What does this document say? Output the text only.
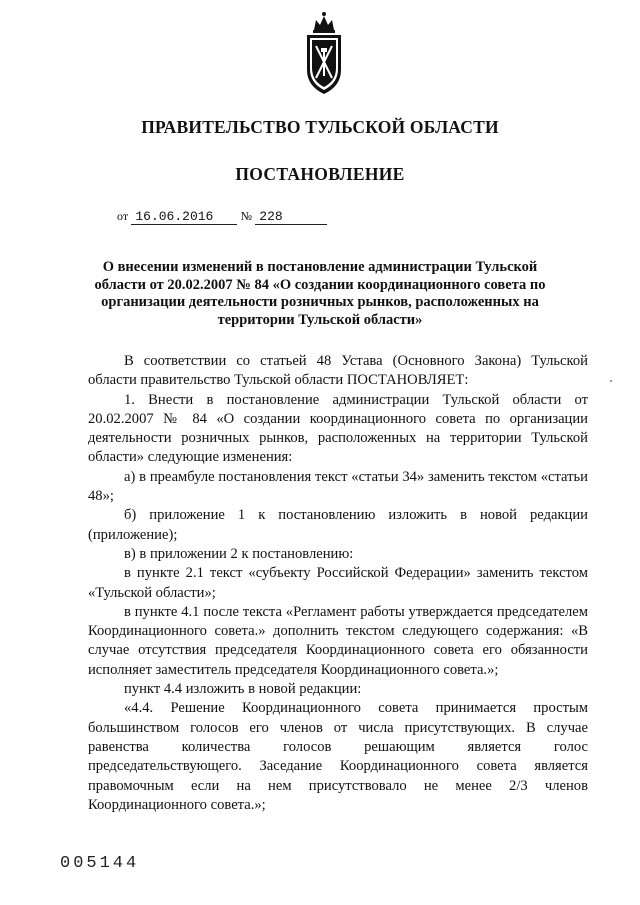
ПРАВИТЕЛЬСТВО ТУЛЬСКОЙ ОБЛАСТИ
ПОСТАНОВЛЕНИЕ
от 16.06.2016 № 228
О внесении изменений в постановление администрации Тульской области от 20.02.2007 № 84 «О создании координационного совета по организации деятельности розничных рынков, расположенных на территории Тульской области»

В соответствии со статьей 48 Устава (Основного Закона) Тульской области правительство Тульской области ПОСТАНОВЛЯЕТ:

1. Внести в постановление администрации Тульской области от 20.02.2007 № 84 «О создании координационного совета по организации деятельности розничных рынков, расположенных на территории Тульской области» следующие изменения:

а) в преамбуле постановления текст «статьи 34» заменить текстом «статьи 48»;

б) приложение 1 к постановлению изложить в новой редакции (приложение);

в) в приложении 2 к постановлению:

в пункте 2.1 текст «субъекту Российской Федерации» заменить текстом «Тульской области»;

в пункте 4.1 после текста «Регламент работы утверждается председателем Координационного совета.» дополнить текстом следующего содержания: «В случае отсутствия председателя Координационного совета его обязанности исполняет заместитель председателя Координационного совета.»;

пункт 4.4 изложить в новой редакции:

«4.4. Решение Координационного совета принимается простым большинством голосов его членов от числа присутствующих. В случае равенства количества голосов решающим является голос председательствующего. Заседание Координационного совета является правомочным если на нем присутствовало не менее 2/3 членов Координационного совета.»;

005144
